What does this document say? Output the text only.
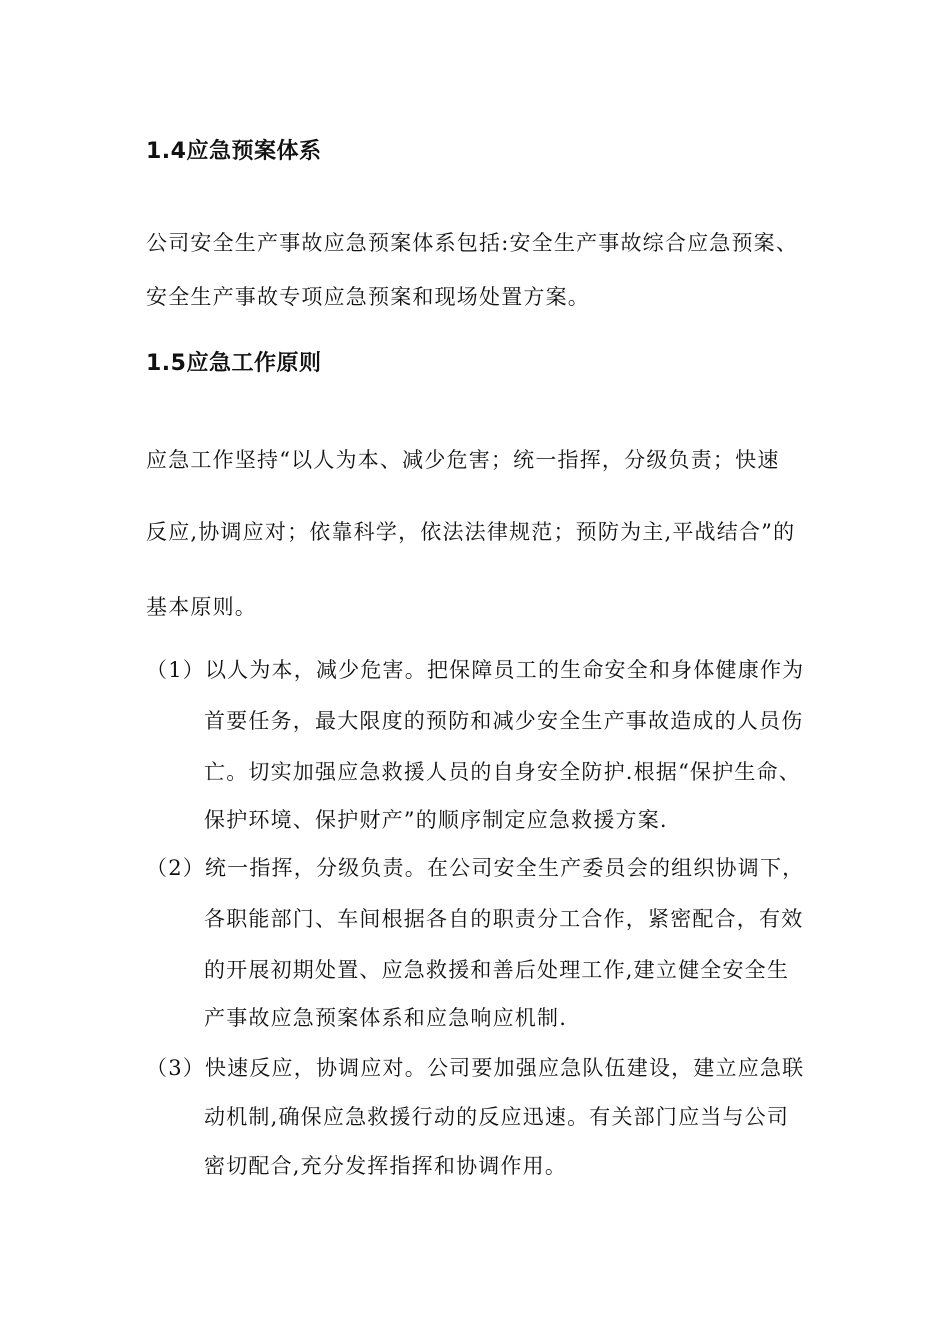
1.4应急预案体系
公司安全生产事故应急预案体系包括:安全生产事故综合应急预案、
安全生产事故专项应急预案和现场处置方案。
1.5应急工作原则
应急工作坚持“以人为本、减少危害；统一指挥，分级负责；快速
反应,协调应对；依靠科学，依法法律规范；预防为主,平战结合”的
基本原则。
（1）以人为本，减少危害。把保障员工的生命安全和身体健康作为
首要任务，最大限度的预防和减少安全生产事故造成的人员伤
亡。切实加强应急救援人员的自身安全防护.根据“保护生命、
保护环境、保护财产”的顺序制定应急救援方案.
（2）统一指挥，分级负责。在公司安全生产委员会的组织协调下，
各职能部门、车间根据各自的职责分工合作，紧密配合，有效
的开展初期处置、应急救援和善后处理工作,建立健全安全生
产事故应急预案体系和应急响应机制.
（3）快速反应，协调应对。公司要加强应急队伍建设，建立应急联
动机制,确保应急救援行动的反应迅速。有关部门应当与公司
密切配合,充分发挥指挥和协调作用。
